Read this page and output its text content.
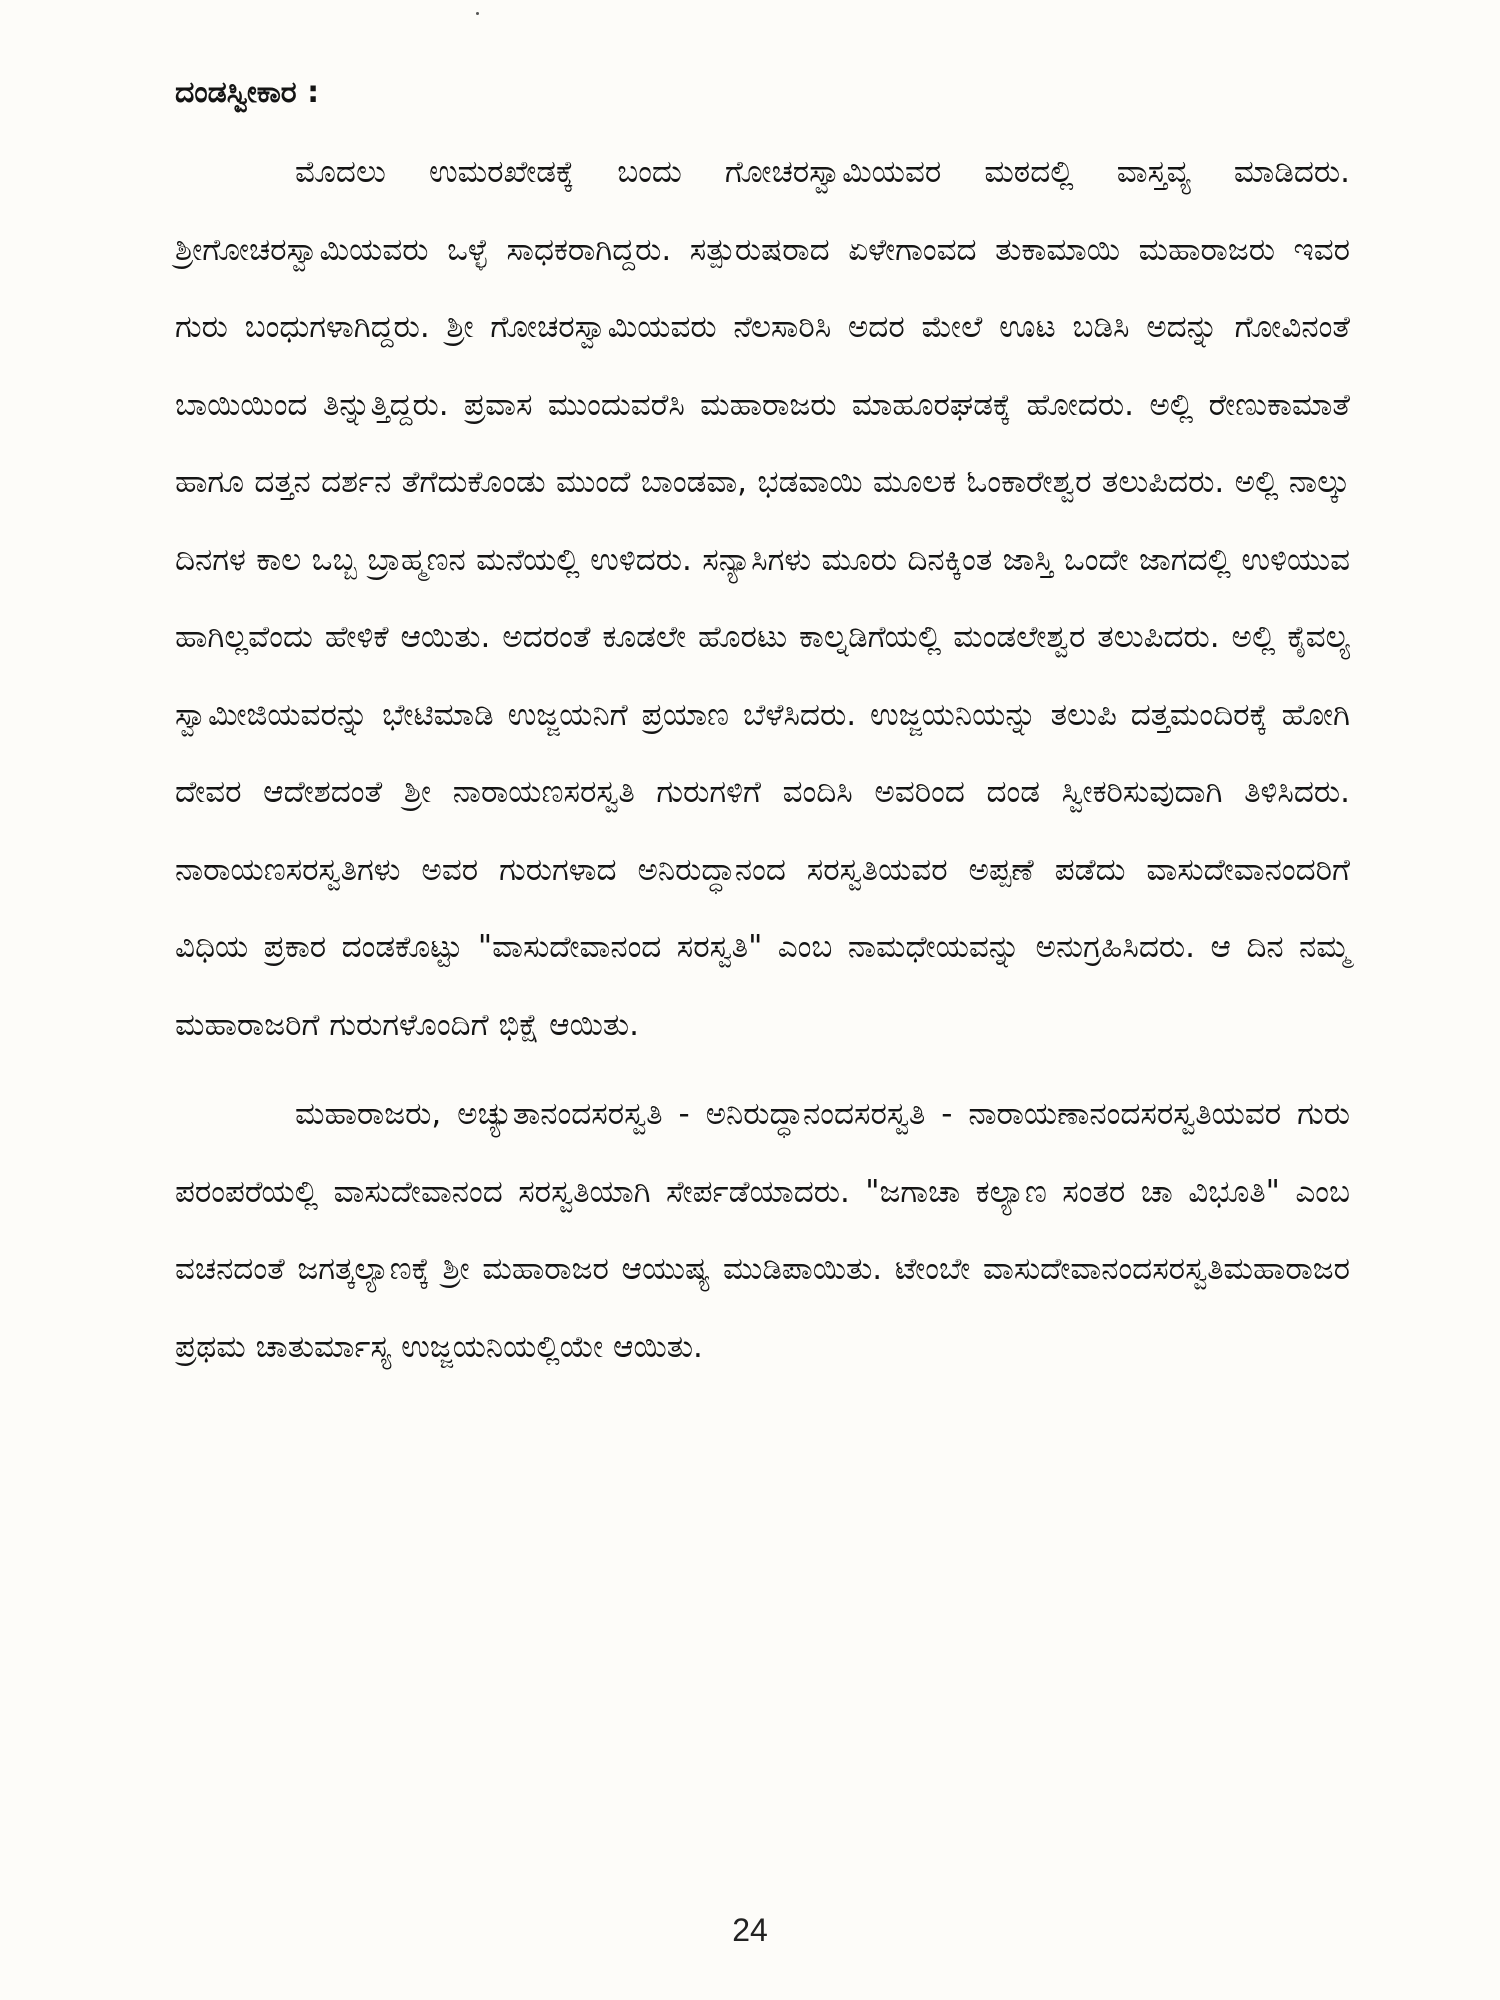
ದಂಡಸ್ವೀಕಾರ :

ಮೊದಲು ಉಮರಖೇಡಕ್ಕೆ ಬಂದು ಗೋಚರಸ್ವಾಮಿಯವರ ಮಠದಲ್ಲಿ ವಾಸ್ತವ್ಯ ಮಾಡಿದರು. ಶ್ರೀಗೋಚರಸ್ವಾಮಿಯವರು ಒಳ್ಳೆ ಸಾಧಕರಾಗಿದ್ದರು. ಸತ್ಪುರುಷರಾದ ಏಳೇಗಾಂವದ ತುಕಾಮಾಯಿ ಮಹಾರಾಜರು ಇವರ ಗುರು ಬಂಧುಗಳಾಗಿದ್ದರು. ಶ್ರೀ ಗೋಚರಸ್ವಾಮಿಯವರು ನೆಲಸಾರಿಸಿ ಅದರ ಮೇಲೆ ಊಟ ಬಡಿಸಿ ಅದನ್ನು ಗೋವಿನಂತೆ ಬಾಯಿಯಿಂದ ತಿನ್ನುತ್ತಿದ್ದರು. ಪ್ರವಾಸ ಮುಂದುವರೆಸಿ ಮಹಾರಾಜರು ಮಾಹೂರಘಡಕ್ಕೆ ಹೋದರು. ಅಲ್ಲಿ ರೇಣುಕಾಮಾತೆ ಹಾಗೂ ದತ್ತನ ದರ್ಶನ ತೆಗೆದುಕೊಂಡು ಮುಂದೆ ಬಾಂಡವಾ, ಭಡವಾಯಿ ಮೂಲಕ ಓಂಕಾರೇಶ್ವರ ತಲುಪಿದರು. ಅಲ್ಲಿ ನಾಲ್ಕು ದಿನಗಳ ಕಾಲ ಒಬ್ಬ ಬ್ರಾಹ್ಮಣನ ಮನೆಯಲ್ಲಿ ಉಳಿದರು. ಸನ್ಯಾಸಿಗಳು ಮೂರು ದಿನಕ್ಕಿಂತ ಜಾಸ್ತಿ ಒಂದೇ ಜಾಗದಲ್ಲಿ ಉಳಿಯುವ ಹಾಗಿಲ್ಲವೆಂದು ಹೇಳಿಕೆ ಆಯಿತು. ಅದರಂತೆ ಕೂಡಲೇ ಹೊರಟು ಕಾಲ್ನಡಿಗೆಯಲ್ಲಿ ಮಂಡಲೇಶ್ವರ ತಲುಪಿದರು. ಅಲ್ಲಿ ಕೈವಲ್ಯ ಸ್ವಾಮೀಜಿಯವರನ್ನು ಭೇಟಿಮಾಡಿ ಉಜ್ಜಯನಿಗೆ ಪ್ರಯಾಣ ಬೆಳೆಸಿದರು. ಉಜ್ಜಯನಿಯನ್ನು ತಲುಪಿ ದತ್ತಮಂದಿರಕ್ಕೆ ಹೋಗಿ ದೇವರ ಆದೇಶದಂತೆ ಶ್ರೀ ನಾರಾಯಣಸರಸ್ವತಿ ಗುರುಗಳಿಗೆ ವಂದಿಸಿ ಅವರಿಂದ ದಂಡ ಸ್ವೀಕರಿಸುವುದಾಗಿ ತಿಳಿಸಿದರು. ನಾರಾಯಣಸರಸ್ವತಿಗಳು ಅವರ ಗುರುಗಳಾದ ಅನಿರುದ್ಧಾನಂದ ಸರಸ್ವತಿಯವರ ಅಪ್ಪಣೆ ಪಡೆದು ವಾಸುದೇವಾನಂದರಿಗೆ ವಿಧಿಯ ಪ್ರಕಾರ ದಂಡಕೊಟ್ಟು "ವಾಸುದೇವಾನಂದ ಸರಸ್ವತಿ" ಎಂಬ ನಾಮಧೇಯವನ್ನು ಅನುಗ್ರಹಿಸಿದರು. ಆ ದಿನ ನಮ್ಮ ಮಹಾರಾಜರಿಗೆ ಗುರುಗಳೊಂದಿಗೆ ಭಿಕ್ಷೆ ಆಯಿತು.

ಮಹಾರಾಜರು, ಅಚ್ಯುತಾನಂದಸರಸ್ವತಿ - ಅನಿರುದ್ಧಾನಂದಸರಸ್ವತಿ - ನಾರಾಯಣಾನಂದಸರಸ್ವತಿಯವರ ಗುರು ಪರಂಪರೆಯಲ್ಲಿ ವಾಸುದೇವಾನಂದ ಸರಸ್ವತಿಯಾಗಿ ಸೇರ್ಪಡೆಯಾದರು. "ಜಗಾಚಾ ಕಲ್ಯಾಣ ಸಂತರ ಚಾ ವಿಭೂತಿ" ಎಂಬ ವಚನದಂತೆ ಜಗತ್ಕಲ್ಯಾಣಕ್ಕೆ ಶ್ರೀ ಮಹಾರಾಜರ ಆಯುಷ್ಯ ಮುಡಿಪಾಯಿತು. ಟೇಂಬೇ ವಾಸುದೇವಾನಂದಸರಸ್ವತಿಮಹಾರಾಜರ ಪ್ರಥಮ ಚಾತುರ್ಮಾಸ್ಯ ಉಜ್ಜಯನಿಯಲ್ಲಿಯೇ ಆಯಿತು.

24
